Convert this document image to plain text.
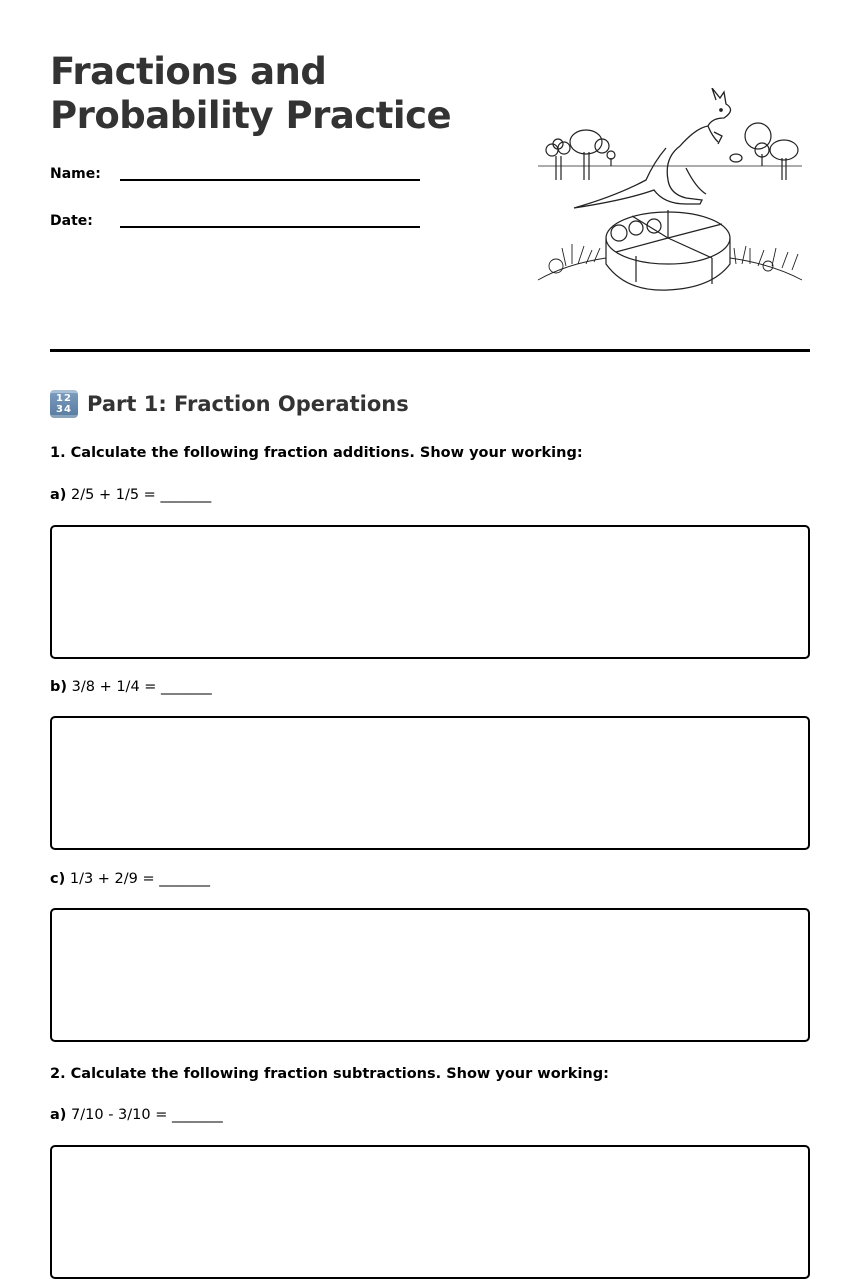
Fractions and
Probability Practice
Name:
Date:
12
34 Part 1: Fraction Operations
1. Calculate the following fraction additions. Show your working:
a) 2/5 + 1/5 = _______
b) 3/8 + 1/4 = _______
c) 1/3 + 2/9 = _______
2. Calculate the following fraction subtractions. Show your working:
a) 7/10 - 3/10 = _______
